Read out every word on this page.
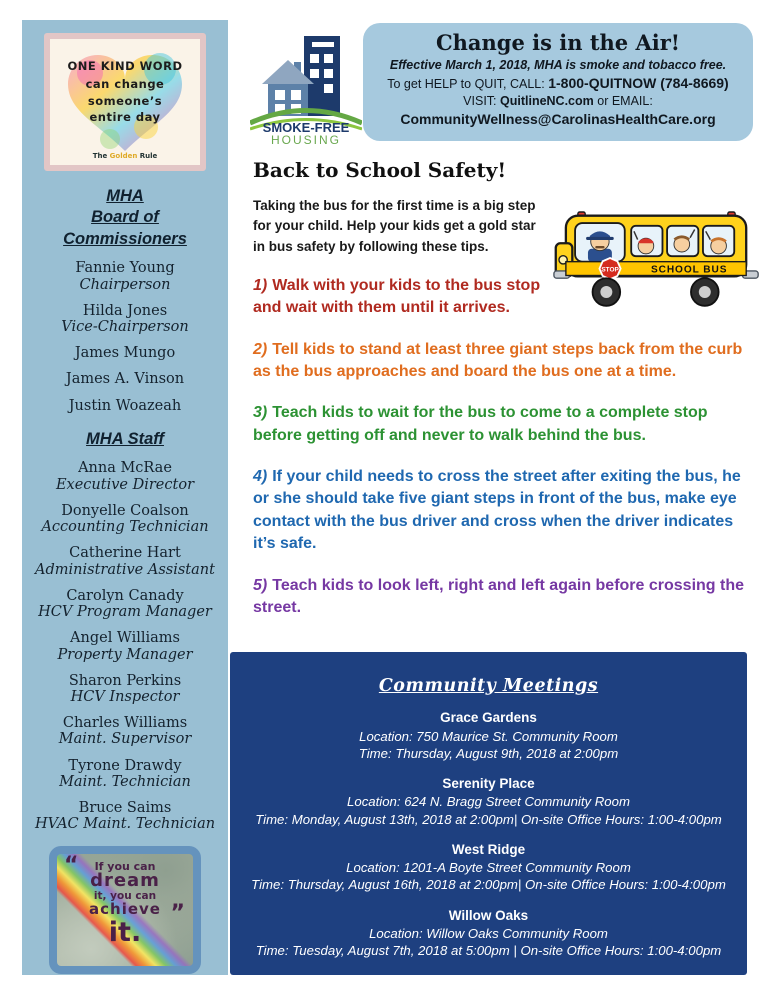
ONE KIND WORD
can change
someone’s
entire day
The Golden Rule
MHA
Board of
Commissioners
Fannie Young
Chairperson
Hilda Jones
Vice-Chairperson
James Mungo
James A. Vinson
Justin Woazeah
MHA Staff
Anna McRae
Executive Director
Donyelle Coalson
Accounting Technician
Catherine Hart
Administrative Assistant
Carolyn Canady
HCV Program Manager
Angel Williams
Property Manager
Sharon Perkins
HCV Inspector
Charles Williams
Maint. Supervisor
Tyrone Drawdy
Maint. Technician
Bruce Saims
HVAC Maint. Technician
“
”
If you can
dream
it, you can
achieve
it.
SMOKE-FREE
HOUSING
Change is in the Air!
Effective March 1, 2018, MHA is smoke and tobacco free.
To get HELP to QUIT, CALL: 1-800-QUITNOW (784-8669)
VISIT: QuitlineNC.com or EMAIL:
CommunityWellness@CarolinasHealthCare.org
Back to School Safety!
SCHOOL BUS
STOP

Taking the bus for the first time is a big step for your child. Help your kids get a gold star in bus safety by following these tips.

1) Walk with your kids to the bus stop and wait with them until it arrives.

2) Tell kids to stand at least three giant steps back from the curb as the bus approaches and board the bus one at a time.

3) Teach kids to wait for the bus to come to a complete stop before getting off and never to walk behind the bus.

4) If your child needs to cross the street after exiting the bus, he or she should take five giant steps in front of the bus, make eye contact with the bus driver and cross when the driver indicates it’s safe.

5) Teach kids to look left, right and left again before crossing the street.

Community Meetings
Grace Gardens
Location: 750 Maurice St. Community Room
Time: Thursday, August 9th, 2018 at 2:00pm
Serenity Place
Location: 624 N. Bragg Street Community Room
Time: Monday, August 13th, 2018 at 2:00pm| On-site Office Hours: 1:00-4:00pm
West Ridge
Location: 1201-A Boyte Street Community Room
Time: Thursday, August 16th, 2018 at 2:00pm| On-site Office Hours: 1:00-4:00pm
Willow Oaks
Location: Willow Oaks Community Room
Time: Tuesday, August 7th, 2018 at 5:00pm | On-site Office Hours: 1:00-4:00pm
